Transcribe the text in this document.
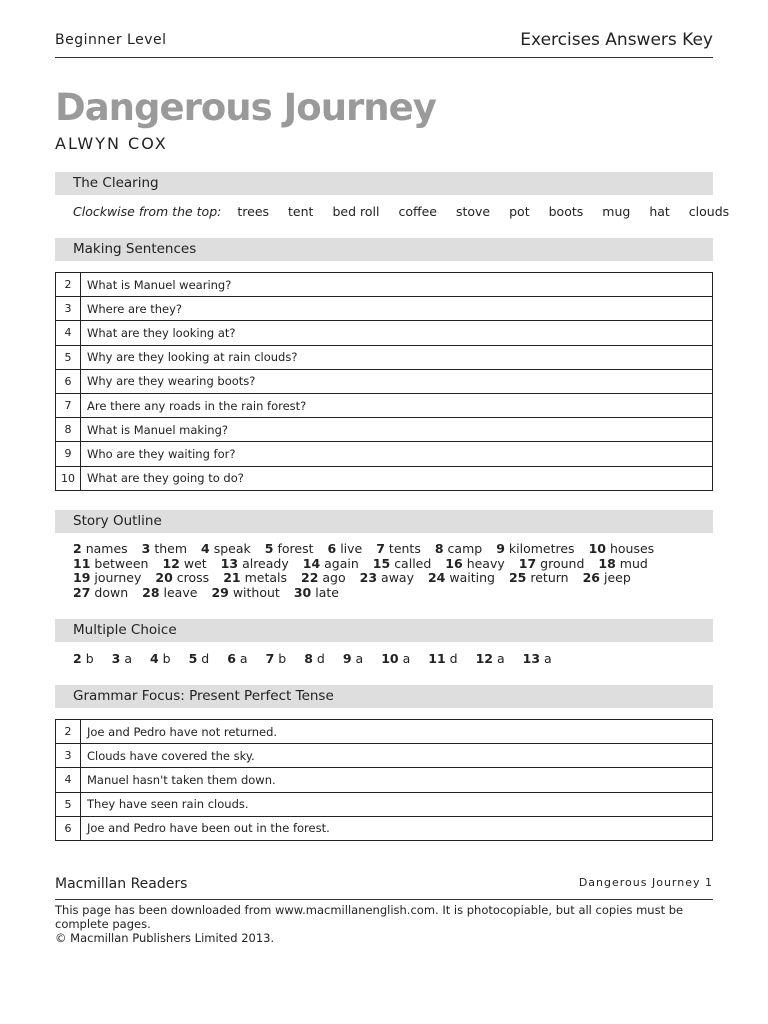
Beginner Level	Exercises Answers Key
Dangerous Journey
ALWYN COX
The Clearing
Clockwise from the top: trees tent bed roll coffee stove pot boots mug hat clouds
Making Sentences
2	What is Manuel wearing?
3	Where are they?
4	What are they looking at?
5	Why are they looking at rain clouds?
6	Why are they wearing boots?
7	Are there any roads in the rain forest?
8	What is Manuel making?
9	Who are they waiting for?
10	What are they going to do?
Story Outline
2 names 3 them 4 speak 5 forest 6 live 7 tents 8 camp 9 kilometres 10 houses
11 between 12 wet 13 already 14 again 15 called 16 heavy 17 ground 18 mud
19 journey 20 cross 21 metals 22 ago 23 away 24 waiting 25 return 26 jeep
27 down 28 leave 29 without 30 late
Multiple Choice
2 b 3 a 4 b 5 d 6 a 7 b 8 d 9 a 10 a 11 d 12 a 13 a
Grammar Focus: Present Perfect Tense
2	Joe and Pedro have not returned.
3	Clouds have covered the sky.
4	Manuel hasn't taken them down.
5	They have seen rain clouds.
6	Joe and Pedro have been out in the forest.
Macmillan Readers	Dangerous Journey 1
This page has been downloaded from www.macmillanenglish.com. It is photocopiable, but all copies must be complete pages.
© Macmillan Publishers Limited 2013.
